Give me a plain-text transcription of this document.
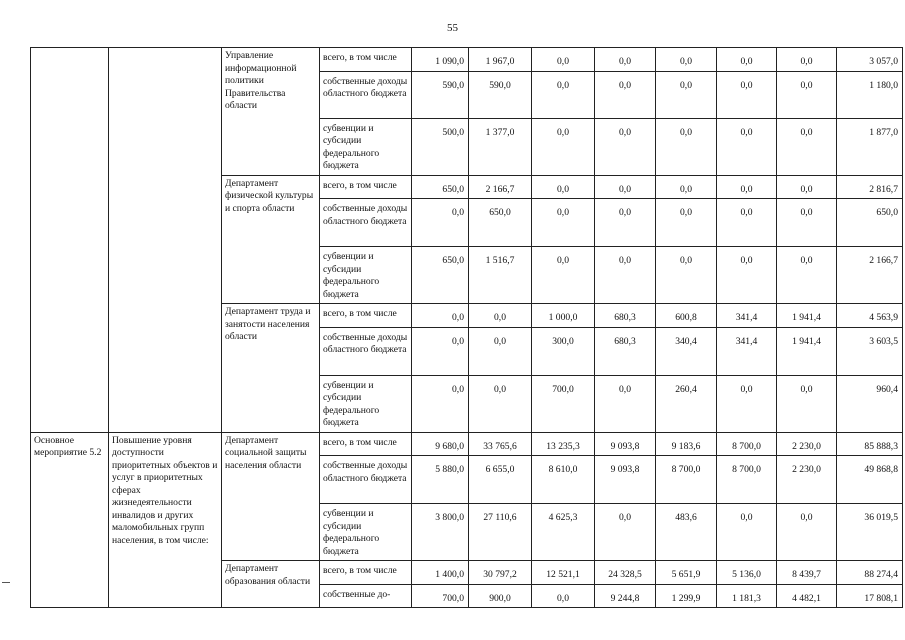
55
		Управление информационной политики Правительства области	всего, в том числе	1 090,0	1 967,0	0,0	0,0	0,0	0,0	0,0	3 057,0
			собственные доходы областного бюджета	590,0	590,0	0,0	0,0	0,0	0,0	0,0	1 180,0
			субвенции и субсидии федерального бюджета	500,0	1 377,0	0,0	0,0	0,0	0,0	0,0	1 877,0
		Департамент физической культуры и спорта области	всего, в том числе	650,0	2 166,7	0,0	0,0	0,0	0,0	0,0	2 816,7
			собственные доходы областного бюджета	0,0	650,0	0,0	0,0	0,0	0,0	0,0	650,0
			субвенции и субсидии федерального бюджета	650,0	1 516,7	0,0	0,0	0,0	0,0	0,0	2 166,7
		Департамент труда и занятости населения области	всего, в том числе	0,0	0,0	1 000,0	680,3	600,8	341,4	1 941,4	4 563,9
			собственные доходы областного бюджета	0,0	0,0	300,0	680,3	340,4	341,4	1 941,4	3 603,5
			субвенции и субсидии федерального бюджета	0,0	0,0	700,0	0,0	260,4	0,0	0,0	960,4
Основное мероприятие 5.2	Повышение уровня доступности приоритетных объектов и услуг в приоритетных сферах жизнедеятельности инвалидов и других маломобильных групп населения, в том числе:	Департамент социальной защиты населения области	всего, в том числе	9 680,0	33 765,6	13 235,3	9 093,8	9 183,6	8 700,0	2 230,0	85 888,3
			собственные доходы областного бюджета	5 880,0	6 655,0	8 610,0	9 093,8	8 700,0	8 700,0	2 230,0	49 868,8
			субвенции и субсидии федерального бюджета	3 800,0	27 110,6	4 625,3	0,0	483,6	0,0	0,0	36 019,5
		Департамент образования области	всего, в том числе	1 400,0	30 797,2	12 521,1	24 328,5	5 651,9	5 136,0	8 439,7	88 274,4
			собственные до-	700,0	900,0	0,0	9 244,8	1 299,9	1 181,3	4 482,1	17 808,1
